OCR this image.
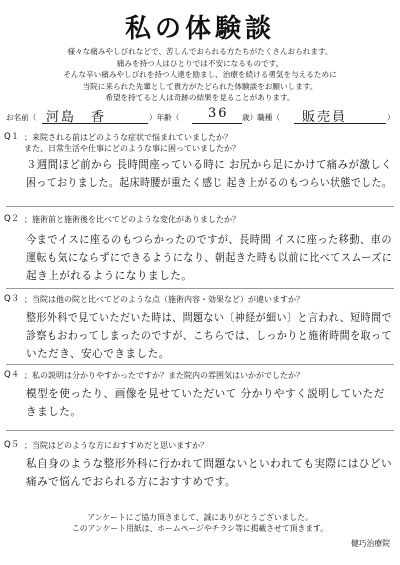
私の体験談
様々な痛みやしびれなどで、苦しんでおられる方たちがたくさんおられます。
痛みを持つ人はひとりでは不安になるものです。
そんな辛い痛みやしびれを持つ人達を励まし、治療を続ける勇気を与えるために
当院に来られた先輩として貴方がたどられた体験談をお願いします。
希望を持てると人は奇跡の結果を見ることがあります。
お名前（ 河島　香	）年齢（ 36 歳）職種（ 販売員	）
Q１ ；来院される前はどのような症状で悩まれていましたか？
また、日常生活や仕事にどのような事に困っていましたか？
３週間ほど前から 長時間座っている時に お尻から足にかけて痛みが激しく
困っておりました。起床時腰が重たく感じ 起き上がるのもつらい状態でした。
Q２ ；施術前と施術後を比べてどのような変化がありましたか？
今までイスに座るのもつらかったのですが、長時間 イスに座った移動、車の
運転も気にならずにできるようになり、朝起きた時も以前に比べてスムーズに
起き上がれるようになりました。
Q３ ；当院は他の院と比べてどのような点（施術内容・効果など）が違いますか？
整形外科で見ていただいた時は、問題ない〔神経が細い〕と言われ、短時間で
診察もおわってしまったのですが、こちらでは、しっかりと施術時間を取って
いただき、安心できました。
Q４ ；私の説明は分かりやすかったですか？また院内の雰囲気はいかがでしたか？
模型を使ったり、画像を見せていただいて 分かりやすく説明していただ
きました。
Q５ ；当院はどのような方におすすめだと思いますか？
私自身のような整形外科に行かれて問題ないといわれても実際にはひどい
痛みで悩んでおられる方におすすめです。
アンケートにご協力頂きまして、誠にありがとうございました。
このアンケート用紙は、ホームページやチラシ等に掲載させて頂きます。
健巧治療院
